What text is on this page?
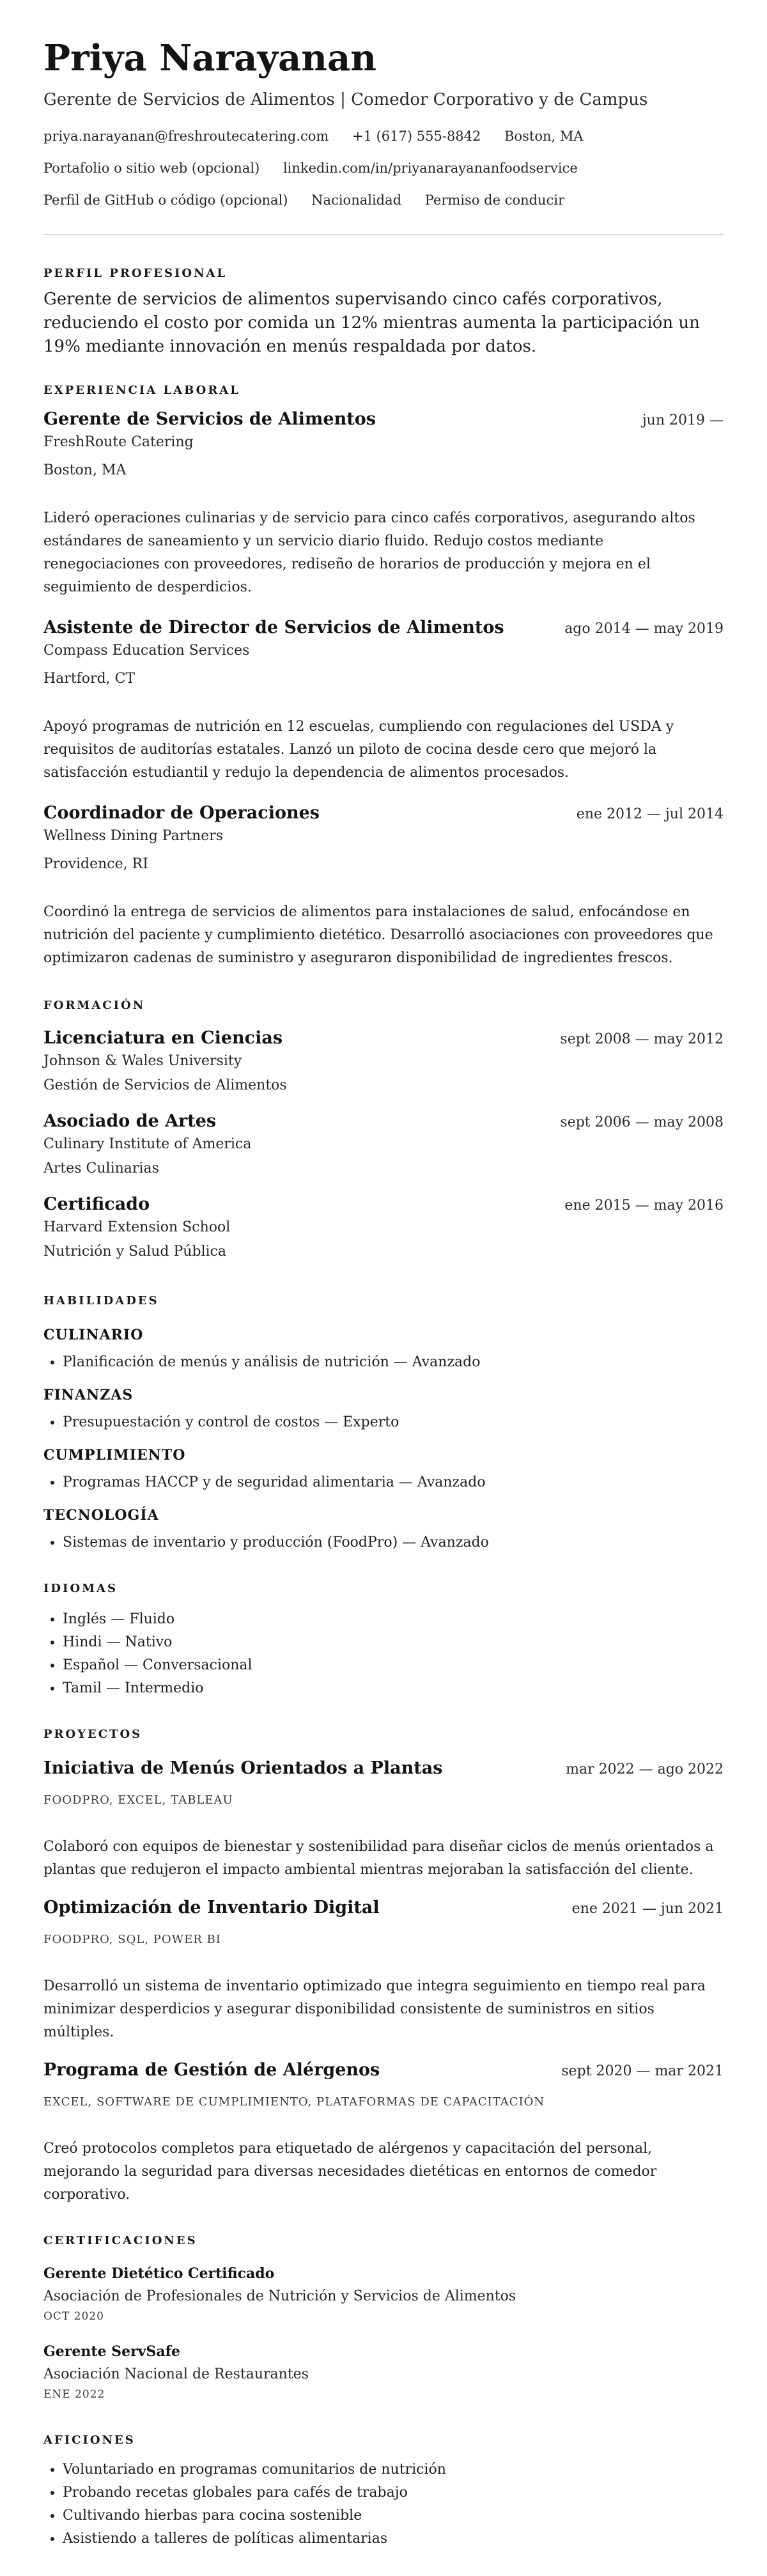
Priya Narayanan
Gerente de Servicios de Alimentos | Comedor Corporativo y de Campus

priya.narayanan@freshroutecatering.com +1 (617) 555-8842 Boston, MA

Portafolio o sitio web (opcional) linkedin.com/in/priyanarayananfoodservice

Perfil de GitHub o código (opcional) Nacionalidad Permiso de conducir

PERFIL PROFESIONAL

Gerente de servicios de alimentos supervisando cinco cafés corporativos, reduciendo el costo por comida un 12% mientras aumenta la participación un 19% mediante innovación en menús respaldada por datos.

EXPERIENCIA LABORAL
Gerente de Servicios de Alimentos	jun 2019 —
FreshRoute Catering
Boston, MA

Lideró operaciones culinarias y de servicio para cinco cafés corporativos, asegurando altos estándares de saneamiento y un servicio diario fluido. Redujo costos mediante renegociaciones con proveedores, rediseño de horarios de producción y mejora en el seguimiento de desperdicios.

Asistente de Director de Servicios de Alimentos	ago 2014 — may 2019
Compass Education Services
Hartford, CT

Apoyó programas de nutrición en 12 escuelas, cumpliendo con regulaciones del USDA y requisitos de auditorías estatales. Lanzó un piloto de cocina desde cero que mejoró la satisfacción estudiantil y redujo la dependencia de alimentos procesados.

Coordinador de Operaciones	ene 2012 — jul 2014
Wellness Dining Partners
Providence, RI

Coordinó la entrega de servicios de alimentos para instalaciones de salud, enfocándose en nutrición del paciente y cumplimiento dietético. Desarrolló asociaciones con proveedores que optimizaron cadenas de suministro y aseguraron disponibilidad de ingredientes frescos.

FORMACIÓN
Licenciatura en Ciencias	sept 2008 — may 2012
Johnson & Wales University
Gestión de Servicios de Alimentos
Asociado de Artes	sept 2006 — may 2008
Culinary Institute of America
Artes Culinarias
Certificado	ene 2015 — may 2016
Harvard Extension School
Nutrición y Salud Pública
HABILIDADES
CULINARIO
• Planificación de menús y análisis de nutrición — Avanzado
FINANZAS
• Presupuestación y control de costos — Experto
CUMPLIMIENTO
• Programas HACCP y de seguridad alimentaria — Avanzado
TECNOLOGÍA
• Sistemas de inventario y producción (FoodPro) — Avanzado
IDIOMAS
• Inglés — Fluido
• Hindi — Nativo
• Español — Conversacional
• Tamil — Intermedio
PROYECTOS
Iniciativa de Menús Orientados a Plantas	mar 2022 — ago 2022
FOODPRO, EXCEL, TABLEAU

Colaboró con equipos de bienestar y sostenibilidad para diseñar ciclos de menús orientados a plantas que redujeron el impacto ambiental mientras mejoraban la satisfacción del cliente.

Optimización de Inventario Digital	ene 2021 — jun 2021
FOODPRO, SQL, POWER BI

Desarrolló un sistema de inventario optimizado que integra seguimiento en tiempo real para minimizar desperdicios y asegurar disponibilidad consistente de suministros en sitios múltiples.

Programa de Gestión de Alérgenos	sept 2020 — mar 2021
EXCEL, SOFTWARE DE CUMPLIMIENTO, PLATAFORMAS DE CAPACITACIÓN

Creó protocolos completos para etiquetado de alérgenos y capacitación del personal, mejorando la seguridad para diversas necesidades dietéticas en entornos de comedor corporativo.

CERTIFICACIONES
Gerente Dietético Certificado
Asociación de Profesionales de Nutrición y Servicios de Alimentos
OCT 2020
Gerente ServSafe
Asociación Nacional de Restaurantes
ENE 2022
AFICIONES
• Voluntariado en programas comunitarios de nutrición
• Probando recetas globales para cafés de trabajo
• Cultivando hierbas para cocina sostenible
• Asistiendo a talleres de políticas alimentarias
